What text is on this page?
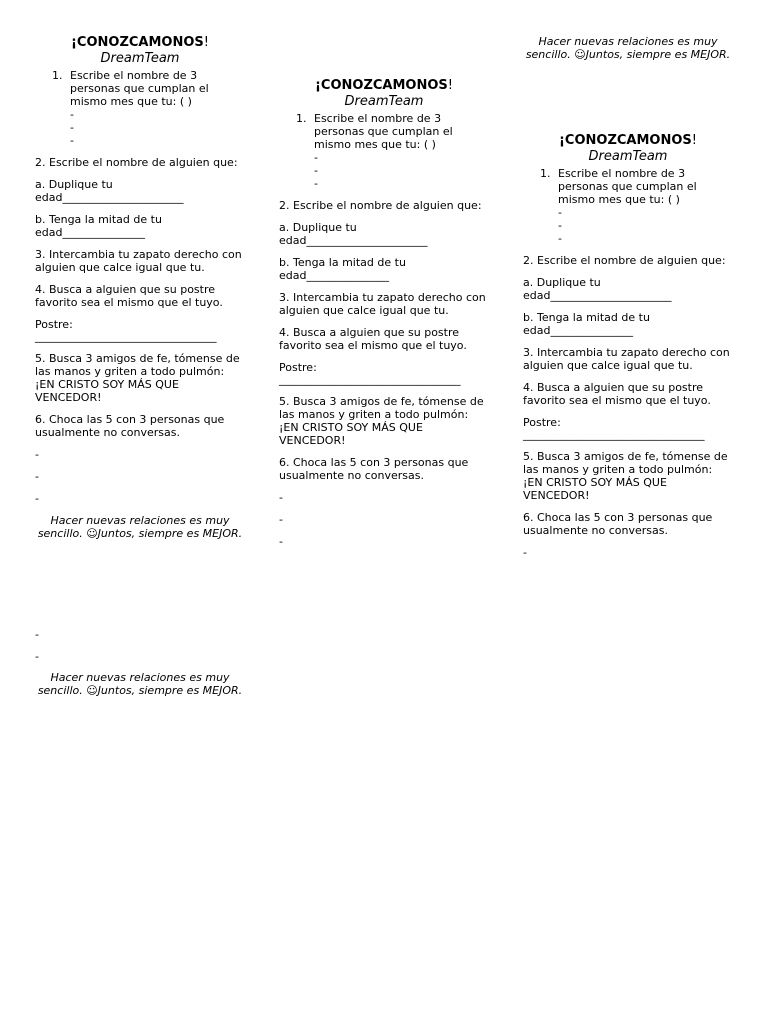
¡CONOZCAMONOS!
DreamTeam
1. Escribe el nombre de 3 personas que cumplan el mismo mes que tu: ( )
-
-
-
2. Escribe el nombre de alguien que:
a. Duplique tu
edad______________________
b. Tenga la mitad de tu
edad_______________
3. Intercambia tu zapato derecho con alguien que calce igual que tu.
4. Busca a alguien que su postre favorito sea el mismo que el tuyo.
Postre:
_________________________________
5. Busca 3 amigos de fe, tómense de las manos y griten a todo pulmón: ¡EN CRISTO SOY MÁS QUE VENCEDOR!
6. Choca las 5 con 3 personas que usualmente no conversas.
-
-
-
Hacer nuevas relaciones es muy sencillo. ☺Juntos, siempre es MEJOR.
-
-
Hacer nuevas relaciones es muy sencillo. ☺Juntos, siempre es MEJOR.
¡CONOZCAMONOS!
DreamTeam
1. Escribe el nombre de 3 personas que cumplan el mismo mes que tu: ( )
-
-
-
2. Escribe el nombre de alguien que:
a. Duplique tu
edad______________________
b. Tenga la mitad de tu
edad_______________
3. Intercambia tu zapato derecho con alguien que calce igual que tu.
4. Busca a alguien que su postre favorito sea el mismo que el tuyo.
Postre:
_________________________________
5. Busca 3 amigos de fe, tómense de las manos y griten a todo pulmón: ¡EN CRISTO SOY MÁS QUE VENCEDOR!
6. Choca las 5 con 3 personas que usualmente no conversas.
-
-
-
Hacer nuevas relaciones es muy sencillo. ☺Juntos, siempre es MEJOR.
¡CONOZCAMONOS!
DreamTeam
1. Escribe el nombre de 3 personas que cumplan el mismo mes que tu: ( )
-
-
-
2. Escribe el nombre de alguien que:
a. Duplique tu
edad______________________
b. Tenga la mitad de tu
edad_______________
3. Intercambia tu zapato derecho con alguien que calce igual que tu.
4. Busca a alguien que su postre favorito sea el mismo que el tuyo.
Postre:
_________________________________
5. Busca 3 amigos de fe, tómense de las manos y griten a todo pulmón: ¡EN CRISTO SOY MÁS QUE VENCEDOR!
6. Choca las 5 con 3 personas que usualmente no conversas.
-
